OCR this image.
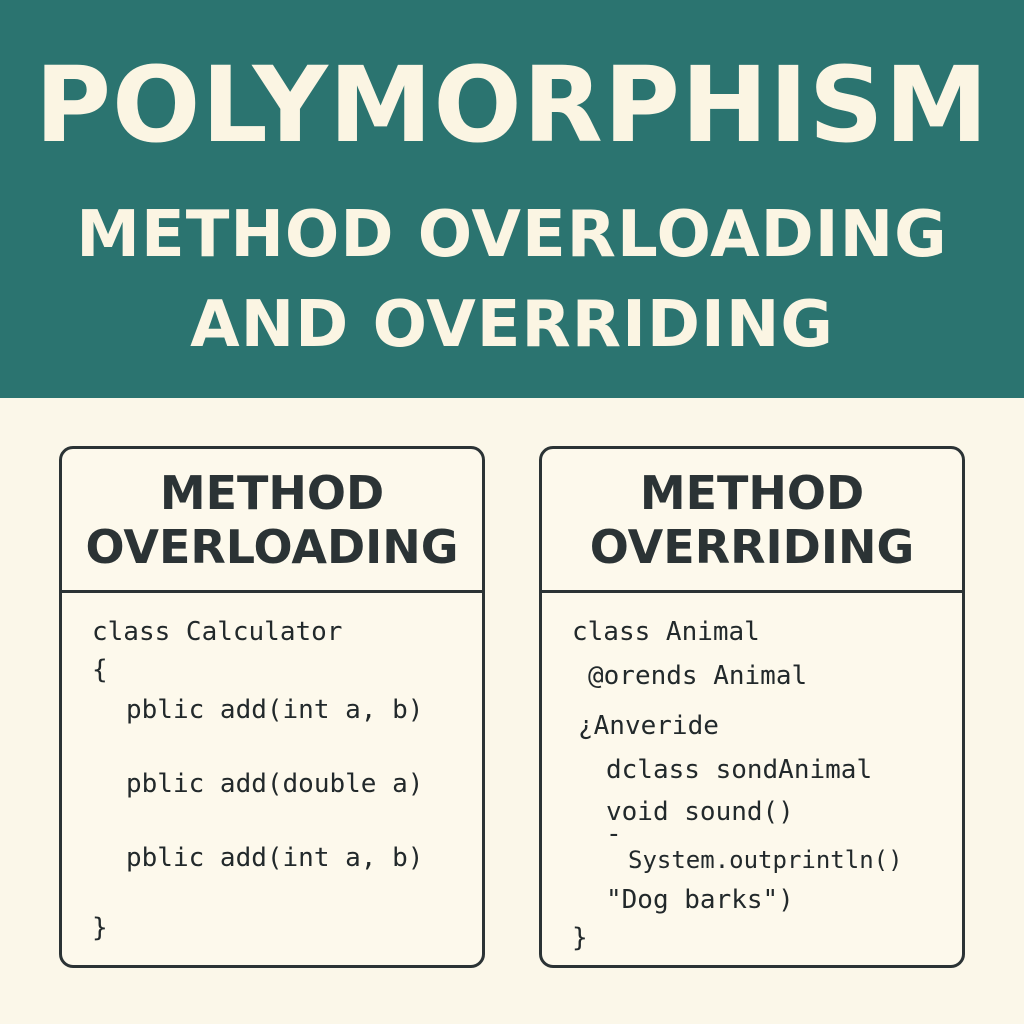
POLYMORPHISM
METHOD OVERLOADING
AND OVERRIDING
METHOD
OVERLOADING
class Calculator
{
pblic add(int a, b)
pblic add(double a)
pblic add(int a, b)
}
METHOD
OVERRIDING
class Animal
@orends Animal
¿Anveride
dclass sondAnimal
void sound()
-
System.outprintln()
"Dog barks")
}
